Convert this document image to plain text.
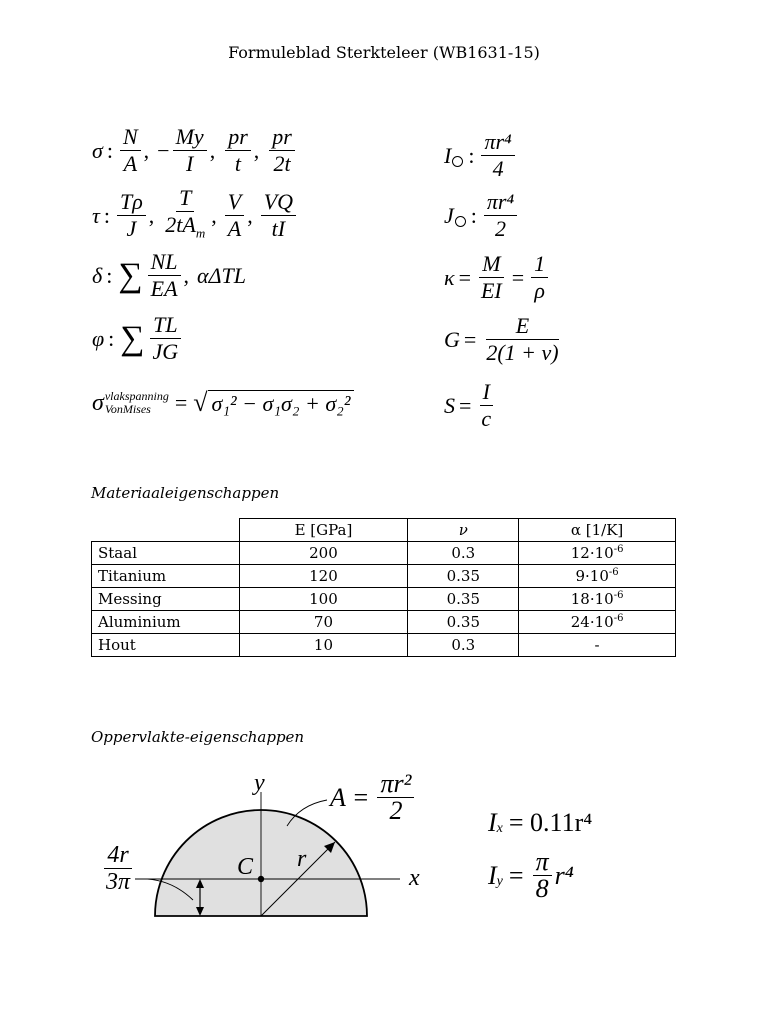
Formuleblad Sterkteleer (WB1631-15)
σ : $\frac{N}{A}$ , − $\frac{My}{I}$ , $\frac{pr}{t}$ , $\frac{pr}{2t}$
τ : $\frac{T\rho}{J}$ , $\frac{T}{2tA_m}$ , $\frac{V}{A}$ , $\frac{VQ}{tI}$
δ : ∑ $\frac{NL}{EA}$ , αΔTL
φ : ∑ $\frac{TL}{JG}$
σ vlakspanning
VonMises	= √ σ₁² − σ₁σ₂ + σ₂²
I : $\frac{\text{πr⁴}}{4}$
J : $\frac{\text{πr⁴}}{2}$
$\kappa = \frac{M}{EI} = \frac{1}{\rho}$
$G = \frac{E}{2(1 + \nu)}$
$S = \frac{I}{c}$
Materiaaleigenschappen
	E [GPa]	ν	α [1/K]
Staal	200	0.3	$12\cdot 10^{-6}$
Titanium	120	0.35	$9\cdot 10^{-6}$
Messing	100	0.35	$18\cdot 10^{-6}$
Aluminium	70	0.35	$24\cdot 10^{-6}$
Hout	10	0.3	-
Oppervlakte-eigenschappen
y
x
C r
$A = \frac{\text{πr²}}{2}$
$\frac{4r}{3\pi}$
$I_x = 0.11r^4$
$I_y = \frac{\pi}{8} r^4$
